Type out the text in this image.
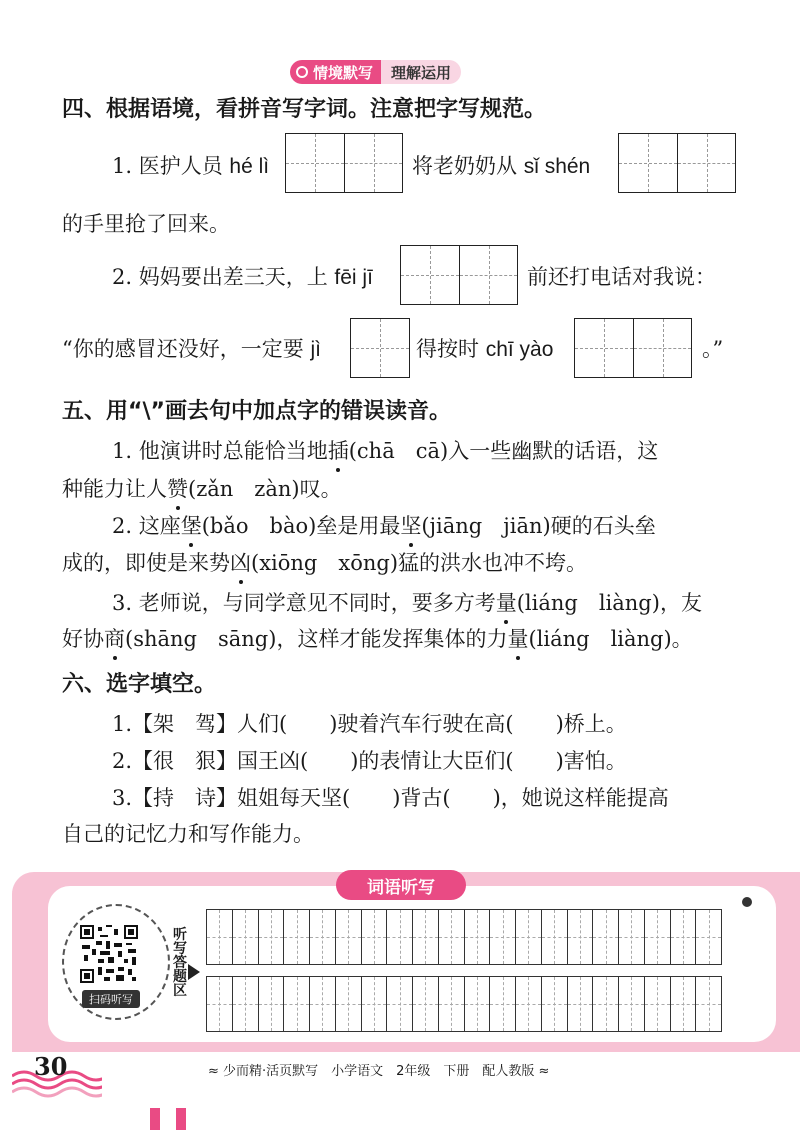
情境默写	理解运用
四、根据语境，看拼音写字词。注意把字写规范。
1. 医护人员 hé lì	将老奶奶从 sǐ shén
的手里抢了回来。
2. 妈妈要出差三天，上 fēi jī	前还打电话对我说：
“你的感冒还没好，一定要 jì	得按时 chī yào	。”
五、用“\”画去句中加点字的错误读音。
1. 他演讲时总能恰当地插(chā　cā)入一些幽默的话语，这
种能力让人赞(zǎn　zàn)叹。
2. 这座堡(bǎo　bào)垒是用最坚(jiāng　jiān)硬的石头垒
成的，即使是来势凶(xiōng　xōng)猛的洪水也冲不垮。
3. 老师说，与同学意见不同时，要多方考量(liáng　liàng)，友
好协商(shāng　sāng)，这样才能发挥集体的力量(liáng　liàng)。
六、选字填空。
1.【架　驾】人们(　　)驶着汽车行驶在高(　　)桥上。
2.【很　狠】国王凶(　　)的表情让大臣们(　　)害怕。
3.【持　诗】姐姐每天坚(　　)背古(　　)，她说这样能提高
自己的记忆力和写作能力。
词语听写
扫码听写
听写答题区
30	≈ 少而精·活页默写　小学语文　2年级　下册　配人教版 ≈
